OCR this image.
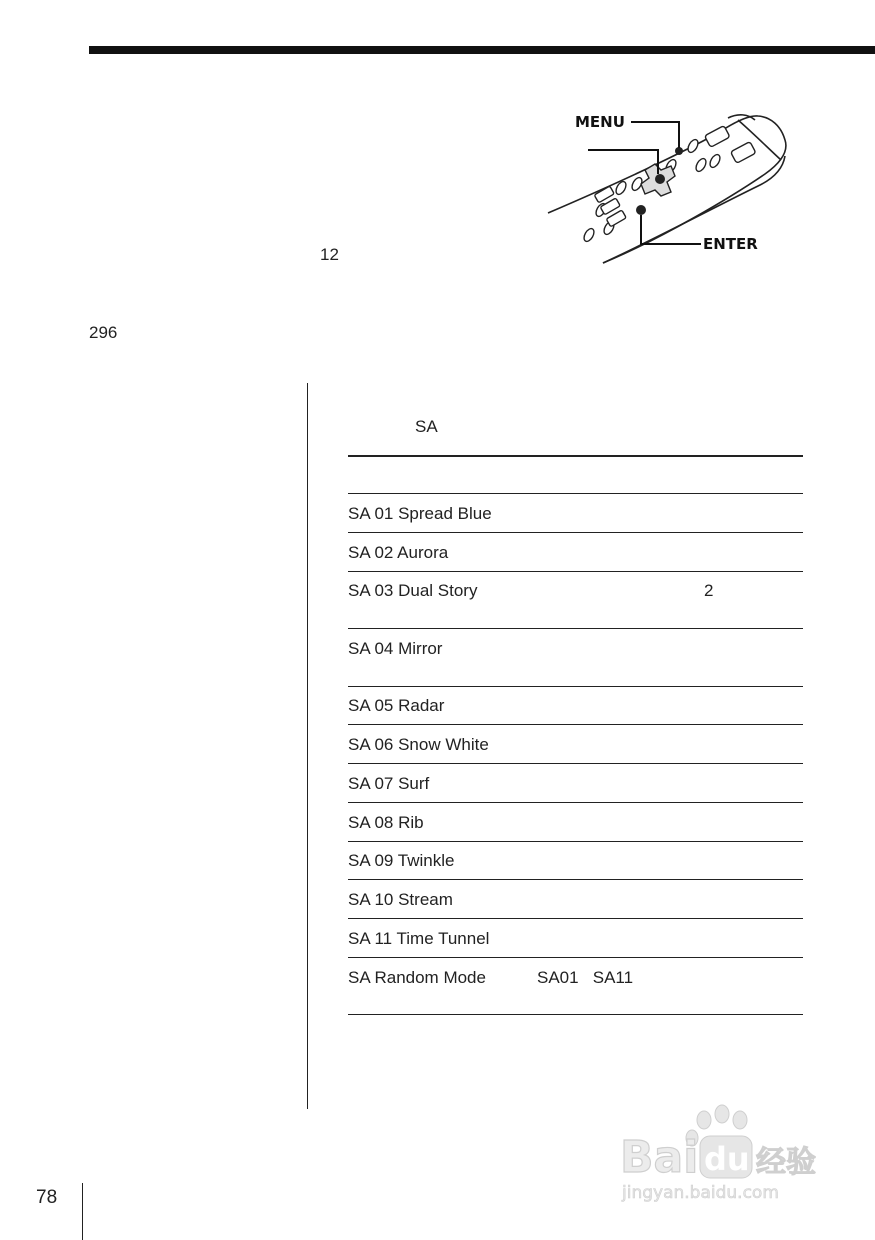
MENU
ENTER
12
296
SA
SA 01 Spread Blue
SA 02 Aurora
SA 03 Dual Story	2
SA 04 Mirror
SA 05 Radar
SA 06 Snow White
SA 07 Surf
SA 08 Rib
SA 09 Twinkle
SA 10 Stream
SA 11 Time Tunnel
SA Random Mode	SA01   SA11
Bai du 经验
jingyan.baidu.com
78
